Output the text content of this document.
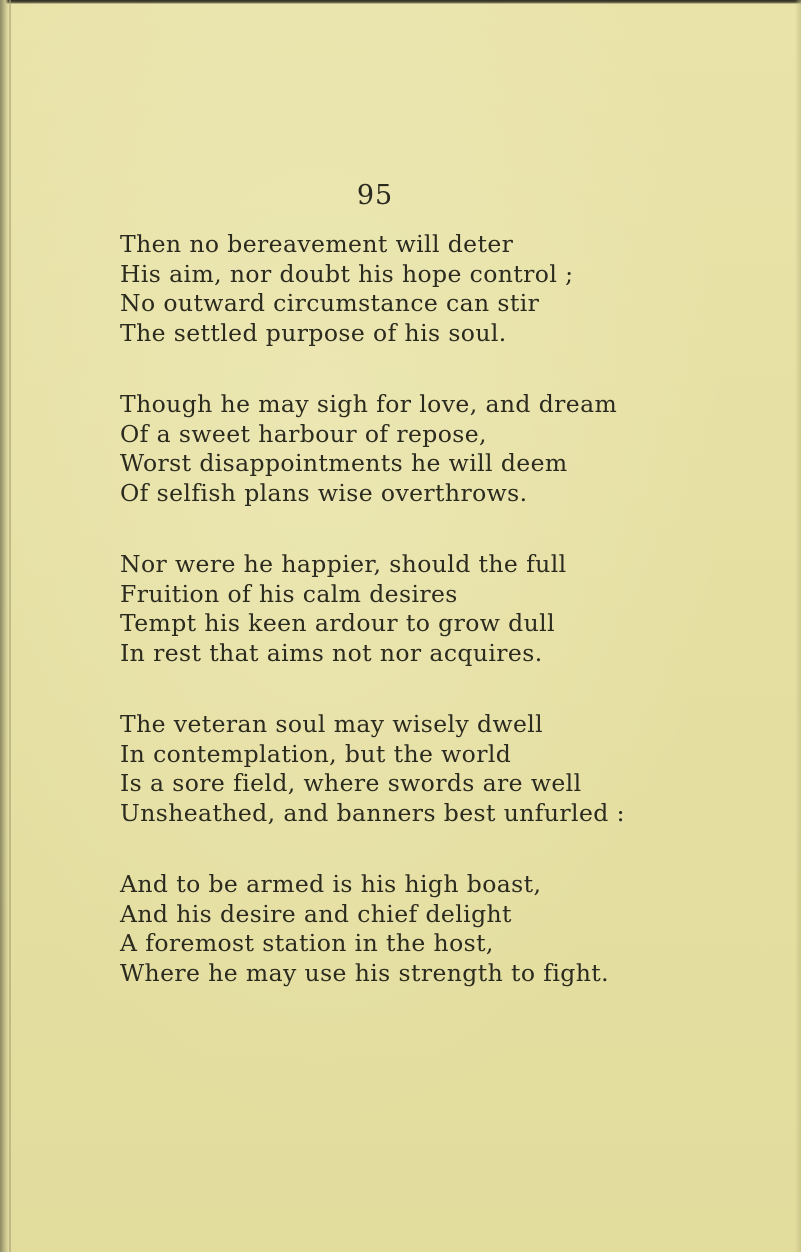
95
Then no bereavement will deter
His aim, nor doubt his hope control ;
No outward circumstance can stir
The settled purpose of his soul.
Though he may sigh for love, and dream
Of a sweet harbour of repose,
Worst disappointments he will deem
Of selfish plans wise overthrows.
Nor were he happier, should the full
Fruition of his calm desires
Tempt his keen ardour to grow dull
In rest that aims not nor acquires.
The veteran soul may wisely dwell
In contemplation, but the world
Is a sore field, where swords are well
Unsheathed, and banners best unfurled :
And to be armed is his high boast,
And his desire and chief delight
A foremost station in the host,
Where he may use his strength to fight.
